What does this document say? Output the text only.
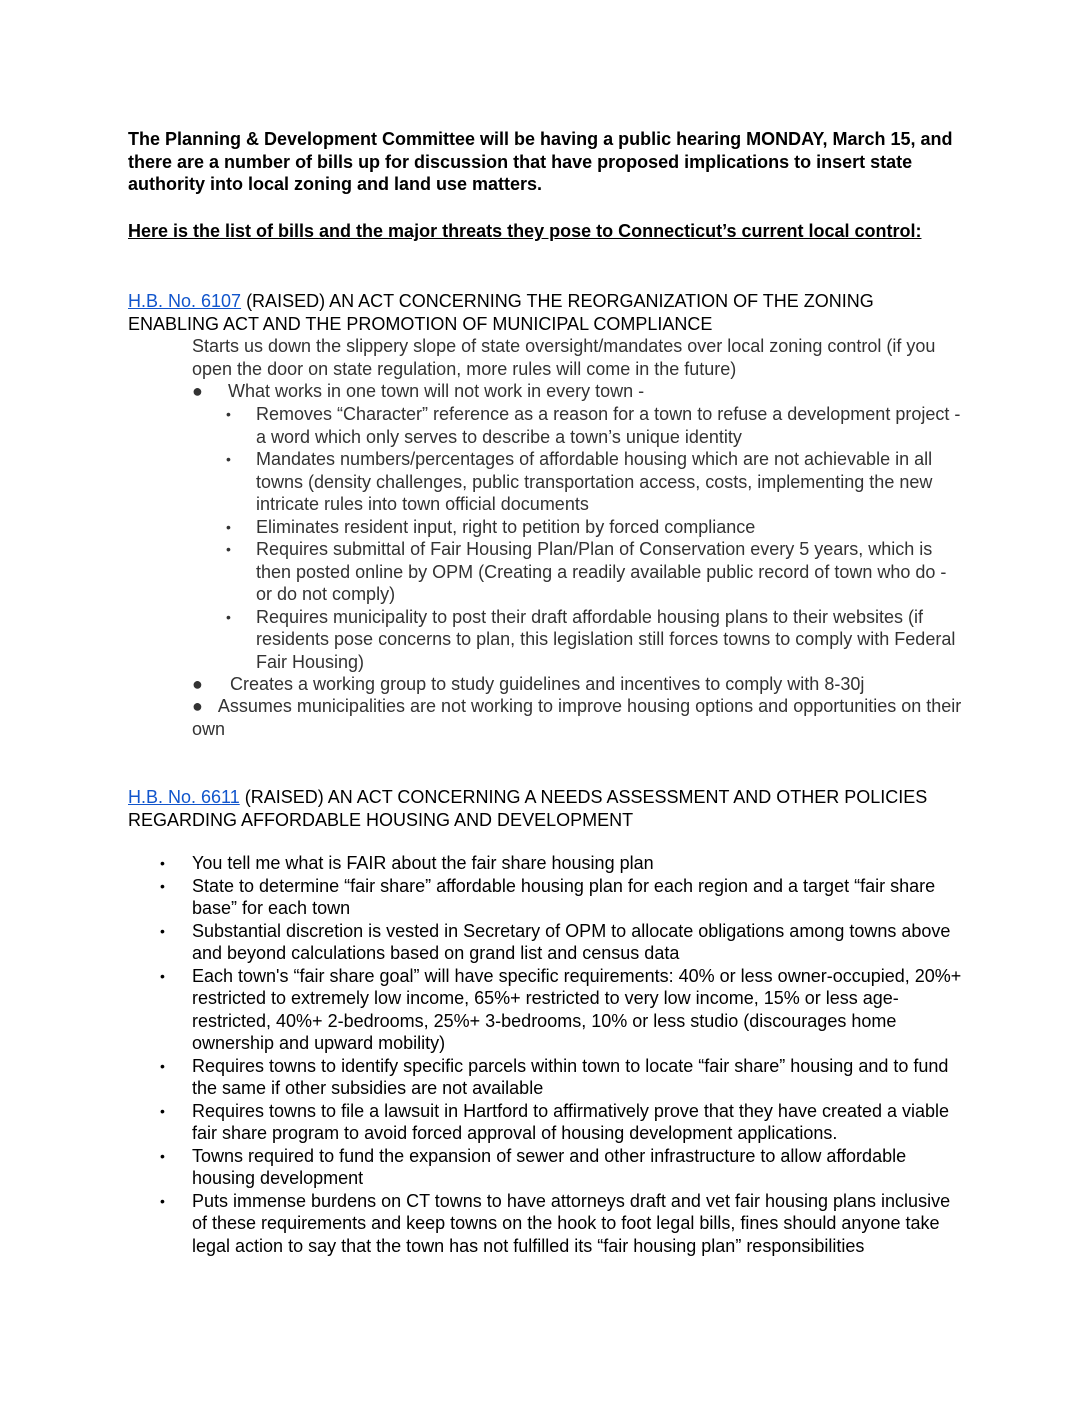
The Planning & Development Committee will be having a public hearing MONDAY, March 15, and there are a number of bills up for discussion that have proposed implications to insert state authority into local zoning and land use matters.

Here is the list of bills and the major threats they pose to Connecticut’s current local control:

H.B. No. 6107 (RAISED) AN ACT CONCERNING THE REORGANIZATION OF THE ZONING ENABLING ACT AND THE PROMOTION OF MUNICIPAL COMPLIANCE

Starts us down the slippery slope of state oversight/mandates over local zoning control (if you open the door on state regulation, more rules will come in the future)

● What works in one town will not work in every town -
• Removes “Character” reference as a reason for a town to refuse a development project - a word which only serves to describe a town’s unique identity
• Mandates numbers/percentages of affordable housing which are not achievable in all towns (density challenges, public transportation access, costs, implementing the new intricate rules into town official documents
• Eliminates resident input, right to petition by forced compliance
• Requires submittal of Fair Housing Plan/Plan of Conservation every 5 years, which is then posted online by OPM (Creating a readily available public record of town who do - or do not comply)
• Requires municipality to post their draft affordable housing plans to their websites (if residents pose concerns to plan, this legislation still forces towns to comply with Federal Fair Housing)
● Creates a working group to study guidelines and incentives to comply with 8-30j
● Assumes municipalities are not working to improve housing options and opportunities on their own

H.B. No. 6611 (RAISED) AN ACT CONCERNING A NEEDS ASSESSMENT AND OTHER POLICIES REGARDING AFFORDABLE HOUSING AND DEVELOPMENT

• You tell me what is FAIR about the fair share housing plan
• State to determine “fair share” affordable housing plan for each region and a target “fair share base” for each town
• Substantial discretion is vested in Secretary of OPM to allocate obligations among towns above and beyond calculations based on grand list and census data
• Each town's “fair share goal” will have specific requirements: 40% or less owner-occupied, 20%+ restricted to extremely low income, 65%+ restricted to very low income, 15% or less age-restricted, 40%+ 2-bedrooms, 25%+ 3-bedrooms, 10% or less studio (discourages home ownership and upward mobility)
• Requires towns to identify specific parcels within town to locate “fair share” housing and to fund the same if other subsidies are not available
• Requires towns to file a lawsuit in Hartford to affirmatively prove that they have created a viable fair share program to avoid forced approval of housing development applications.
• Towns required to fund the expansion of sewer and other infrastructure to allow affordable housing development
• Puts immense burdens on CT towns to have attorneys draft and vet fair housing plans inclusive of these requirements and keep towns on the hook to foot legal bills, fines should anyone take legal action to say that the town has not fulfilled its “fair housing plan” responsibilities
